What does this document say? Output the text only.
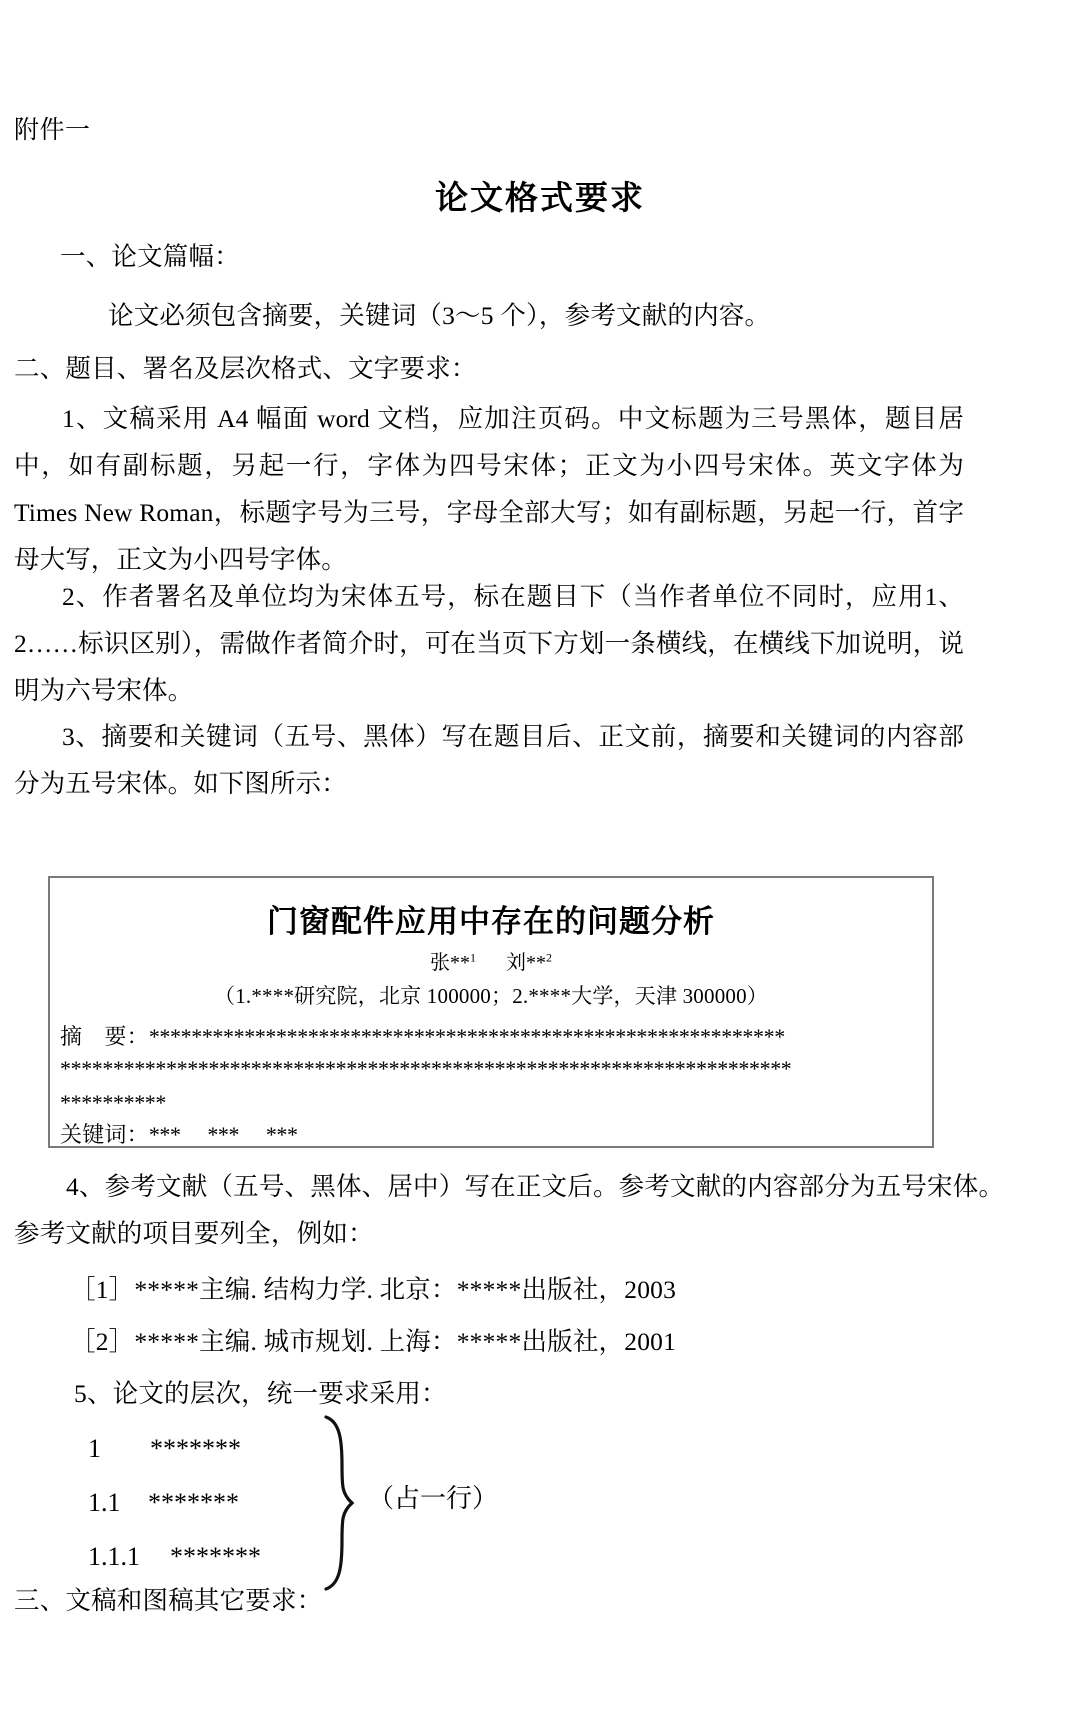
附件一
论文格式要求
一、论文篇幅：
论文必须包含摘要，关键词（3～5 个），参考文献的内容。
二、题目、署名及层次格式、文字要求：
1、文稿采用 A4 幅面 word 文档，应加注页码。中文标题为三号黑体，题目居中，如有副标题，另起一行，字体为四号宋体；正文为小四号宋体。英文字体为 Times New Roman，标题字号为三号，字母全部大写；如有副标题，另起一行，首字母大写，正文为小四号字体。
2、作者署名及单位均为宋体五号，标在题目下（当作者单位不同时，应用1、2……标识区别），需做作者简介时，可在当页下方划一条横线，在横线下加说明，说明为六号宋体。
3、摘要和关键词（五号、黑体）写在题目后、正文前，摘要和关键词的内容部分为五号宋体。如下图所示：
门窗配件应用中存在的问题分析
张**$^1$ 刘**$^2$
（1.****研究院，北京 100000；2.****大学，天津 300000）
摘　要：************************************************************
*********************************************************************
**********
关键词：***　 ***　 ***
4、参考文献（五号、黑体、居中）写在正文后。参考文献的内容部分为五号宋体。
参考文献的项目要列全，例如：
［1］*****主编. 结构力学. 北京：*****出版社，2003
［2］*****主编. 城市规划. 上海：*****出版社，2001
5、论文的层次，统一要求采用：
1 *******
1.1 *******
1.1.1 *******
（占一行）
三、文稿和图稿其它要求：
